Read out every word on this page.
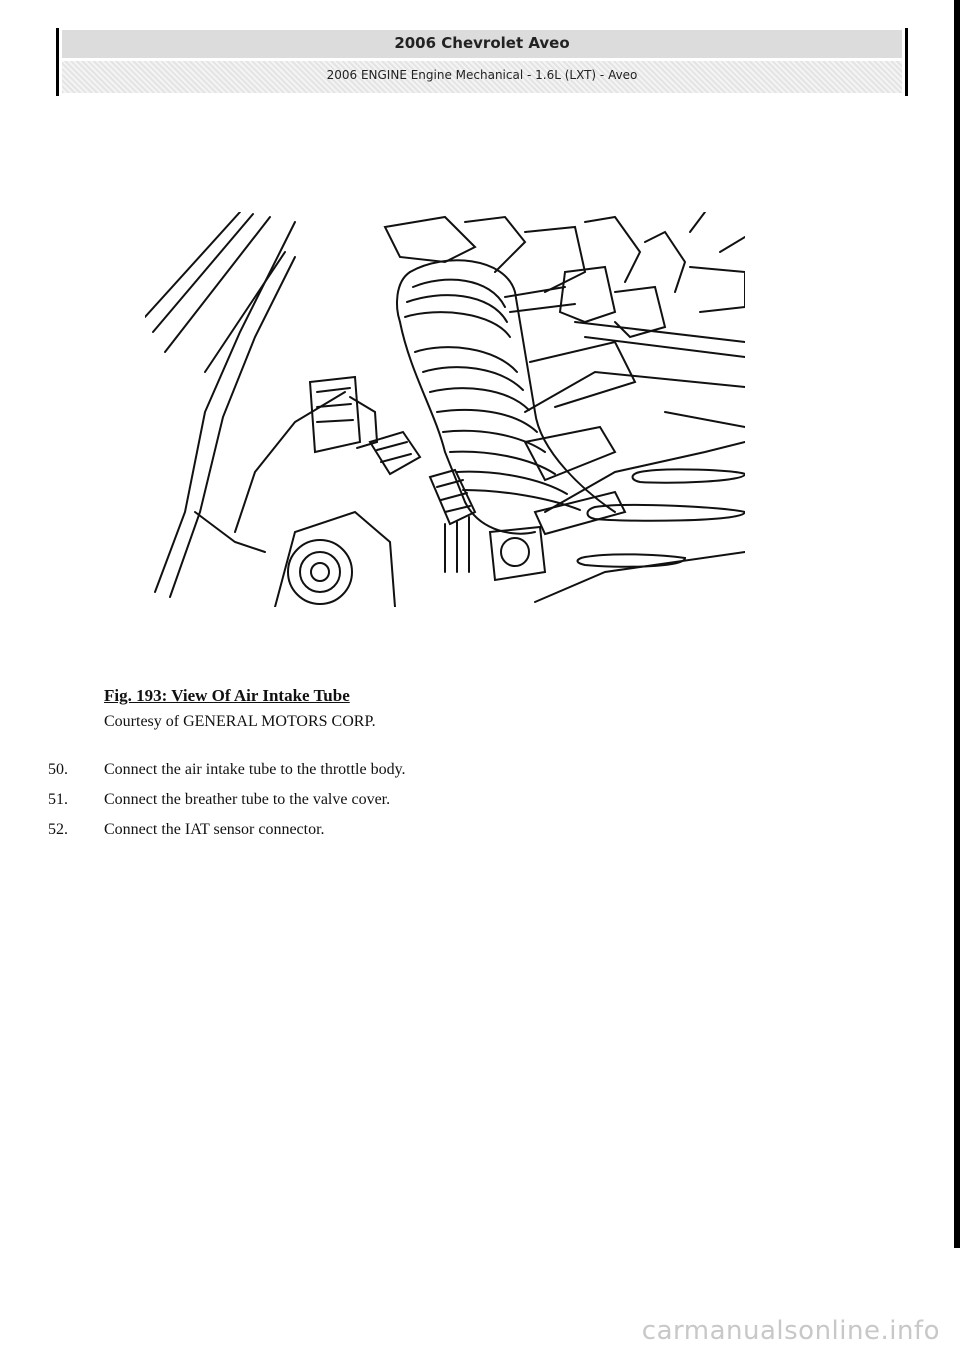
2006 Chevrolet Aveo
2006 ENGINE Engine Mechanical - 1.6L (LXT) - Aveo
Fig. 193: View Of Air Intake Tube
Courtesy of GENERAL MOTORS CORP.
50.	Connect the air intake tube to the throttle body.
51.	Connect the breather tube to the valve cover.
52.	Connect the IAT sensor connector.
carmanualsonline.info
